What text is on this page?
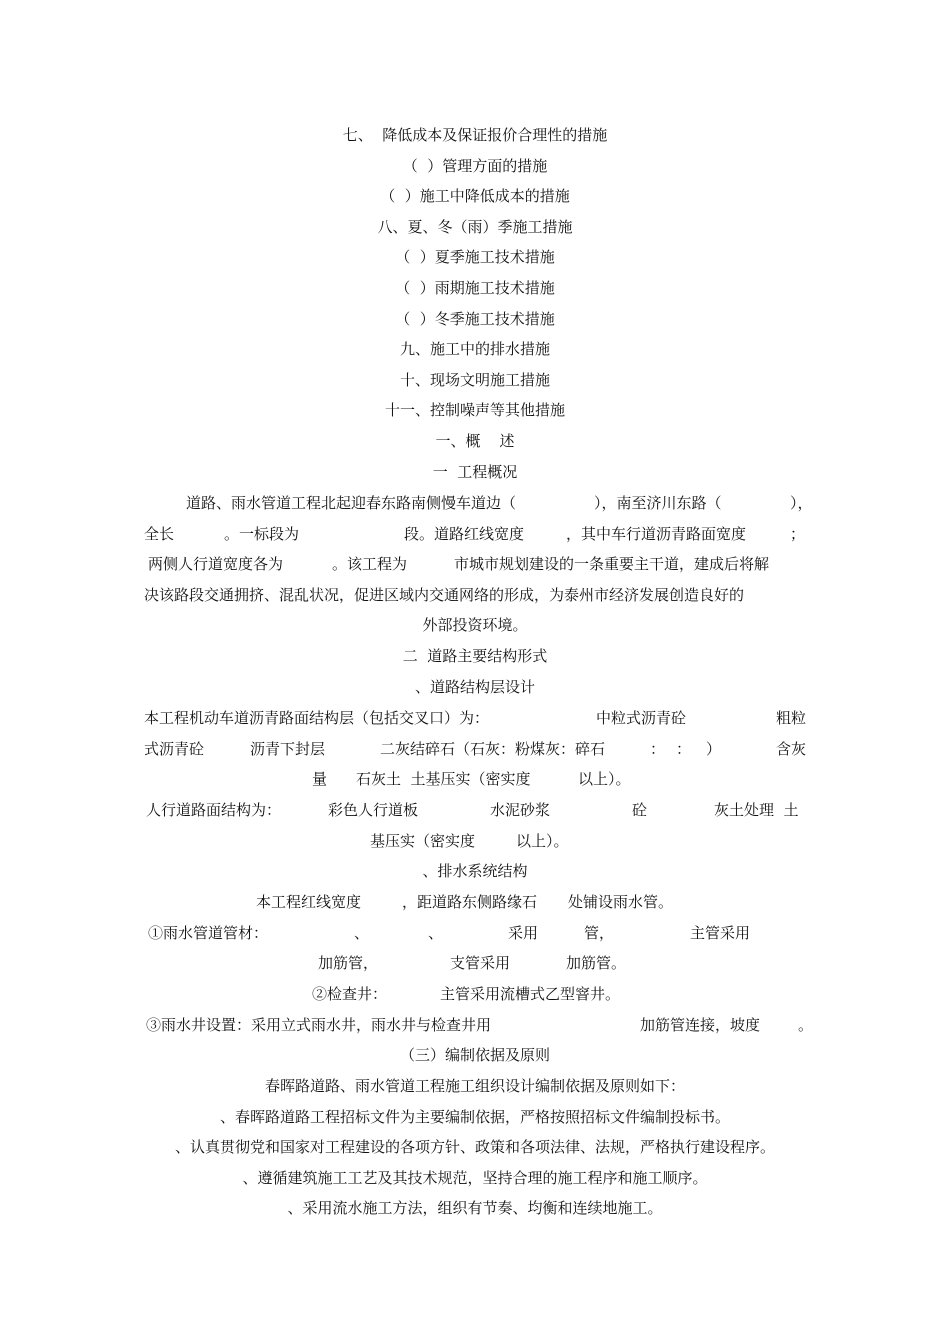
七、  降低成本及保证报价合理性的措施
（  ）管理方面的措施
（  ）施工中降低成本的措施
八、夏、冬（雨）季施工措施
（  ）夏季施工技术措施
（  ）雨期施工技术措施
（  ）冬季施工技术措施
九、施工中的排水措施
十、现场文明施工措施
十一、控制噪声等其他措施
一、概    述
一  工程概况
道路、雨水管道工程北起迎春东路南侧慢车道边（	），南至济川东路（	），
全长	。一标段为	段。道路红线宽度	，其中车行道沥青路面宽度	；
两侧人行道宽度各为	。该工程为	市城市规划建设的一条重要主干道，建成后将解
决该路段交通拥挤、混乱状况，促进区域内交通网络的形成，为泰州市经济发展创造良好的
外部投资环境。
二  道路主要结构形式
、道路结构层设计
本工程机动车道沥青路面结构层（包括交叉口）为：	中粒式沥青砼	粗粒
式沥青砼	沥青下封层	二灰结碎石（石灰：粉煤灰：碎石	： ： ）	含灰
量 石灰土  土基压实（密实度	以上）。
人行道路面结构为：	彩色人行道板	水泥砂浆	砼	灰土处理  土
基压实（密实度	以上）。
、排水系统结构
本工程红线宽度	，距道路东侧路缘石 处铺设雨水管。
①雨水管道管材：	、	、	采用	管，	主管采用
加筋管，	支管采用	加筋管。
②检查井：	主管采用流槽式乙型窨井。
③雨水井设置：采用立式雨水井，雨水井与检查井用	加筋管连接，坡度	。
（三）编制依据及原则
春晖路道路、雨水管道工程施工组织设计编制依据及原则如下：
、春晖路道路工程招标文件为主要编制依据，严格按照招标文件编制投标书。
、认真贯彻党和国家对工程建设的各项方针、政策和各项法律、法规，严格执行建设程序。
、遵循建筑施工工艺及其技术规范，坚持合理的施工程序和施工顺序。
、采用流水施工方法，组织有节奏、均衡和连续地施工。
